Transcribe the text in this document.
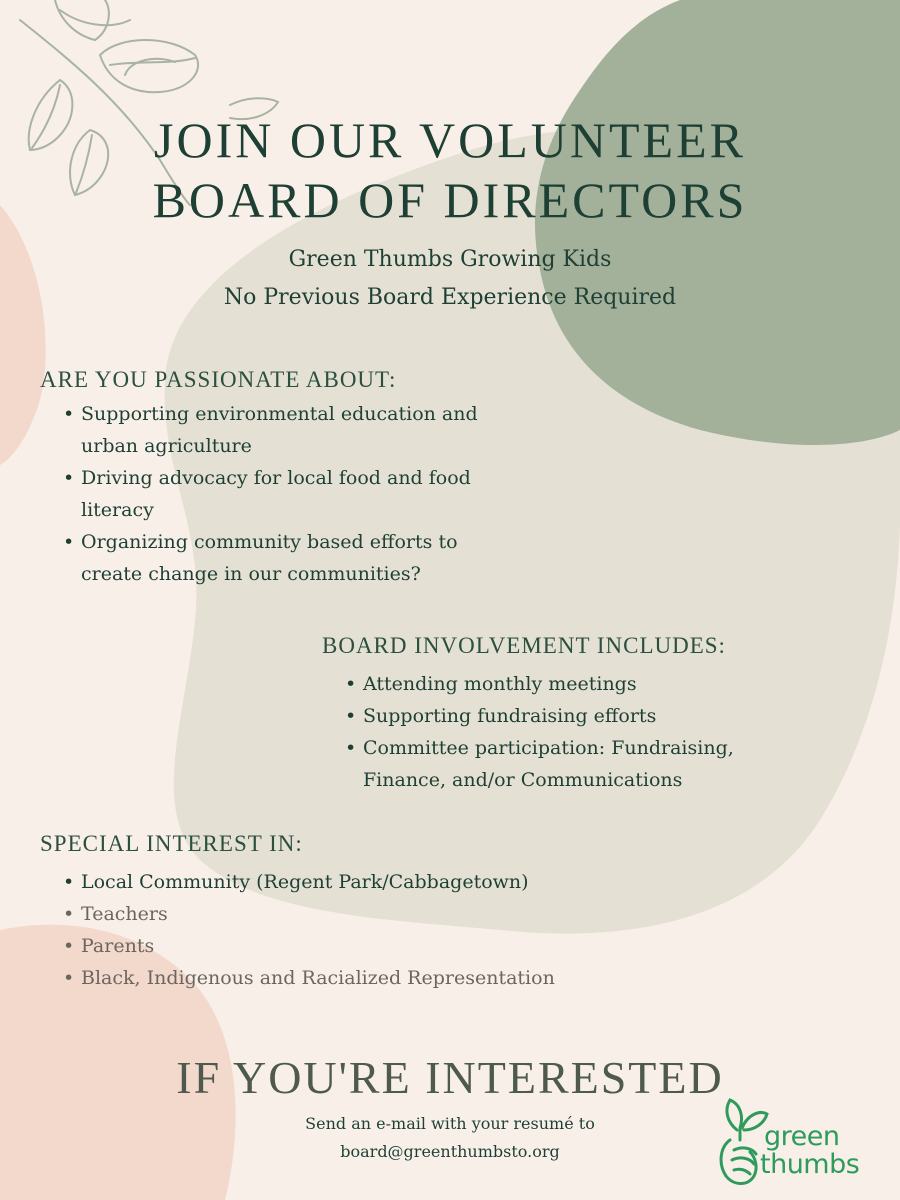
JOIN OUR VOLUNTEER
BOARD OF DIRECTORS
Green Thumbs Growing Kids
No Previous Board Experience Required
ARE YOU PASSIONATE ABOUT:
• Supporting environmental education and
urban agriculture
• Driving advocacy for local food and food
literacy
• Organizing community based efforts to
create change in our communities?
BOARD INVOLVEMENT INCLUDES:
• Attending monthly meetings
• Supporting fundraising efforts
• Committee participation: Fundraising,
Finance, and/or Communications
SPECIAL INTEREST IN:
• Local Community (Regent Park/Cabbagetown)
• Teachers
• Parents
• Black, Indigenous and Racialized Representation
IF YOU'RE INTERESTED
Send an e-mail with your resumé to
board@greenthumbsto.org	green
thumbs
